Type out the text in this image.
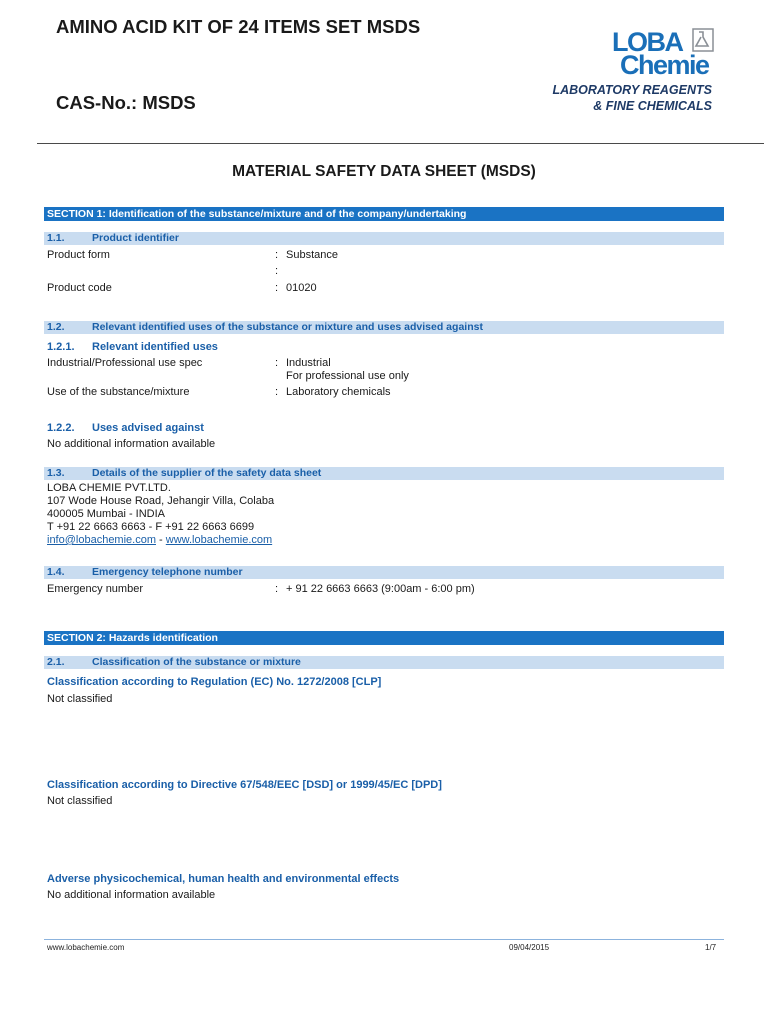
AMINO ACID KIT OF 24 ITEMS SET MSDS
CAS-No.: MSDS
LOBA
Chemie
LABORATORY REAGENTS
& FINE CHEMICALS
MATERIAL SAFETY DATA SHEET (MSDS)
SECTION 1: Identification of the substance/mixture and of the company/undertaking
1.1.	Product identifier
Product form	: Substance
:
Product code	: 01020
1.2.	Relevant identified uses of the substance or mixture and uses advised against
1.2.1. Relevant identified uses
Industrial/Professional use spec	: Industrial
For professional use only
Use of the substance/mixture	: Laboratory chemicals
1.2.2. Uses advised against
No additional information available
1.3.	Details of the supplier of the safety data sheet
LOBA CHEMIE PVT.LTD.
107 Wode House Road, Jehangir Villa, Colaba
400005 Mumbai - INDIA
T +91 22 6663 6663 - F +91 22 6663 6699
info@lobachemie.com - www.lobachemie.com
1.4.	Emergency telephone number
Emergency number	: + 91 22 6663 6663 (9:00am - 6:00 pm)
SECTION 2: Hazards identification
2.1.	Classification of the substance or mixture
Classification according to Regulation (EC) No. 1272/2008 [CLP]
Not classified
Classification according to Directive 67/548/EEC [DSD] or 1999/45/EC [DPD]
Not classified
Adverse physicochemical, human health and environmental effects
No additional information available
www.lobachemie.com	09/04/2015	1/7
